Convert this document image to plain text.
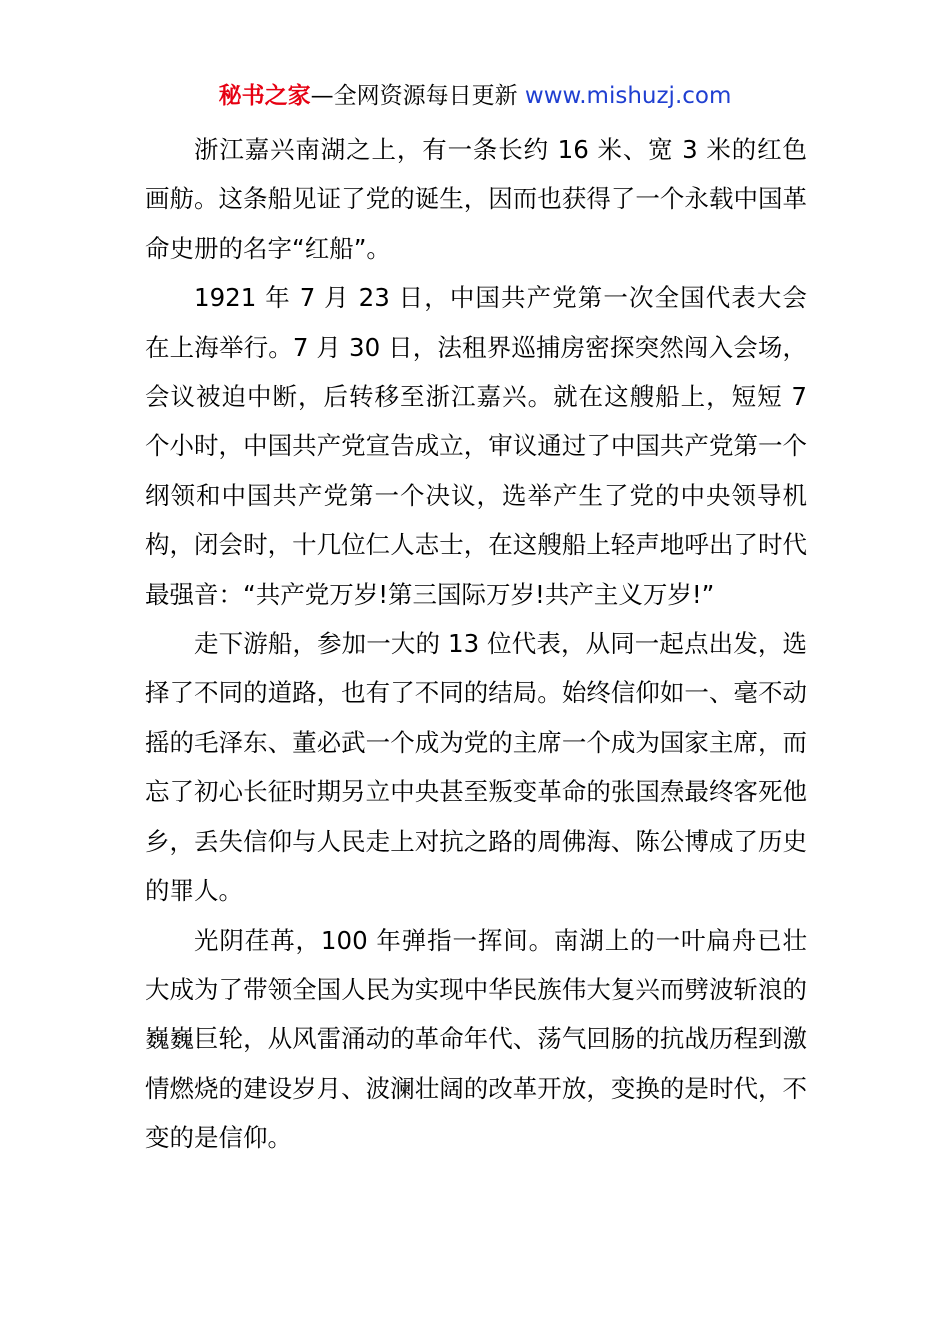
秘书之家—全网资源每日更新 www.mishuzj.com

浙江嘉兴南湖之上，有一条长约 16 米、宽 3 米的红色画舫。这条船见证了党的诞生，因而也获得了一个永载中国革命史册的名字“红船”。

1921 年 7 月 23 日，中国共产党第一次全国代表大会在上海举行。7 月 30 日，法租界巡捕房密探突然闯入会场，会议被迫中断，后转移至浙江嘉兴。就在这艘船上，短短 7 个小时，中国共产党宣告成立，审议通过了中国共产党第一个纲领和中国共产党第一个决议，选举产生了党的中央领导机构，闭会时，十几位仁人志士，在这艘船上轻声地呼出了时代最强音：“共产党万岁!第三国际万岁!共产主义万岁!”

走下游船，参加一大的 13 位代表，从同一起点出发，选择了不同的道路，也有了不同的结局。始终信仰如一、毫不动摇的毛泽东、董必武一个成为党的主席一个成为国家主席，而忘了初心长征时期另立中央甚至叛变革命的张国焘最终客死他乡，丢失信仰与人民走上对抗之路的周佛海、陈公博成了历史的罪人。

光阴荏苒，100 年弹指一挥间。南湖上的一叶扁舟已壮大成为了带领全国人民为实现中华民族伟大复兴而劈波斩浪的巍巍巨轮，从风雷涌动的革命年代、荡气回肠的抗战历程到激情燃烧的建设岁月、波澜壮阔的改革开放，变换的是时代，不变的是信仰。
